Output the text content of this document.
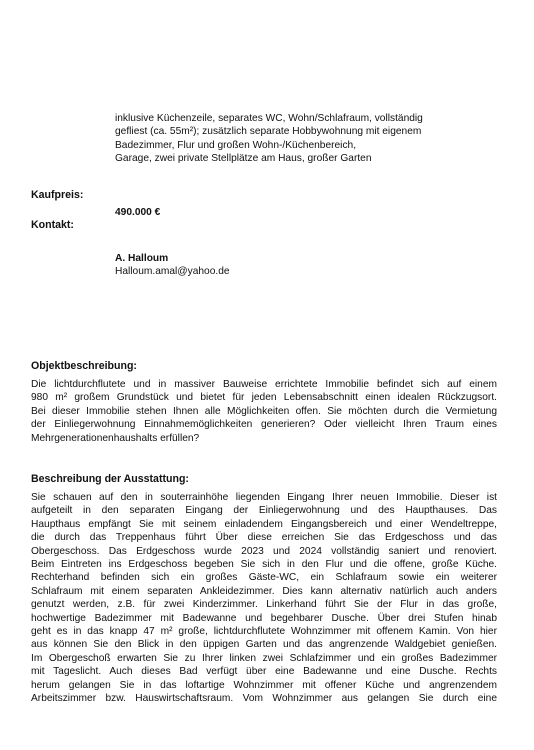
inklusive Küchenzeile, separates WC, Wohn/Schlafraum, vollständig

gefliest (ca. 55m²); zusätzlich separate Hobbywohnung mit eigenem

Badezimmer, Flur und großen Wohn-/Küchenbereich,

Garage, zwei private Stellplätze am Haus, großer Garten

Kaufpreis:
490.000 €
Kontakt:
A. Halloum
Halloum.amal@yahoo.de
Objektbeschreibung:
Die lichtdurchflutete und in massiver Bauweise errichtete Immobilie befindet sich auf einem
980 m² großem Grundstück und bietet für jeden Lebensabschnitt einen idealen Rückzugsort.
Bei dieser Immobilie stehen Ihnen alle Möglichkeiten offen. Sie möchten durch die Vermietung
der Einliegerwohnung Einnahmemöglichkeiten generieren? Oder vielleicht Ihren Traum eines
Mehrgenerationenhaushalts erfüllen?
Beschreibung der Ausstattung:
Sie schauen auf den in souterrainhöhe liegenden Eingang Ihrer neuen Immobilie. Dieser ist
aufgeteilt in den separaten Eingang der Einliegerwohnung und des Haupthauses. Das
Haupthaus empfängt Sie mit seinem einladendem Eingangsbereich und einer Wendeltreppe,
die durch das Treppenhaus führt Über diese erreichen Sie das Erdgeschoss und das
Obergeschoss. Das Erdgeschoss wurde 2023 und 2024 vollständig saniert und renoviert.
Beim Eintreten ins Erdgeschoss begeben Sie sich in den Flur und die offene, große Küche.
Rechterhand befinden sich ein großes Gäste-WC, ein Schlafraum sowie ein weiterer
Schlafraum mit einem separaten Ankleidezimmer. Dies kann alternativ natürlich auch anders
genutzt werden, z.B. für zwei Kinderzimmer. Linkerhand führt Sie der Flur in das große,
hochwertige Badezimmer mit Badewanne und begehbarer Dusche. Über drei Stufen hinab
geht es in das knapp 47 m² große, lichtdurchflutete Wohnzimmer mit offenem Kamin. Von hier
aus können Sie den Blick in den üppigen Garten und das angrenzende Waldgebiet genießen.
Im Obergeschoß erwarten Sie zu Ihrer linken zwei Schlafzimmer und ein großes Badezimmer
mit Tageslicht. Auch dieses Bad verfügt über eine Badewanne und eine Dusche. Rechts
herum gelangen Sie in das loftartige Wohnzimmer mit offener Küche und angrenzendem
Arbeitszimmer bzw. Hauswirtschaftsraum. Vom Wohnzimmer aus gelangen Sie durch eine
